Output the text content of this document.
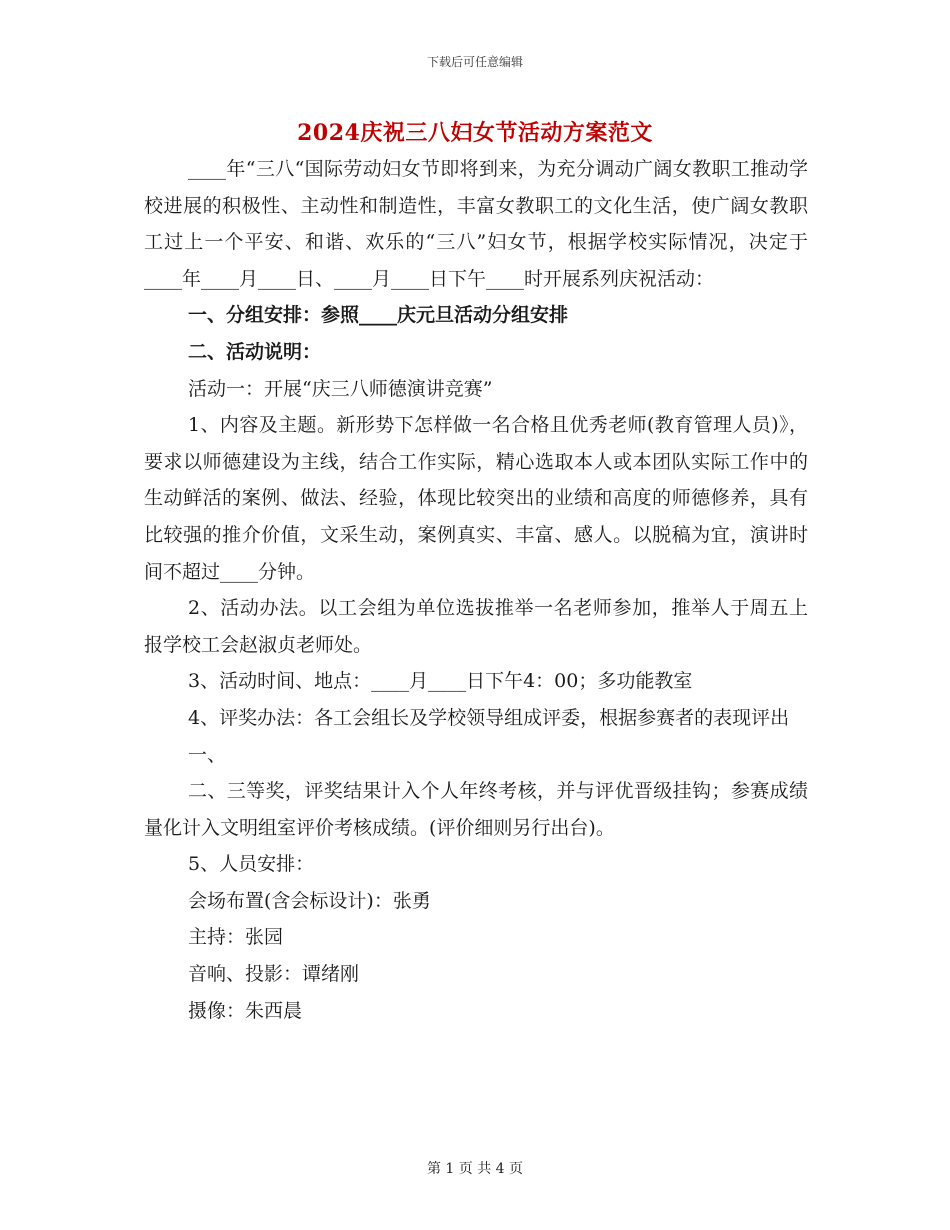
下载后可任意编辑
2024庆祝三八妇女节活动方案范文

____年“三八“国际劳动妇女节即将到来，为充分调动广阔女教职工推动学校进展的积极性、主动性和制造性，丰富女教职工的文化生活，使广阔女教职工过上一个平安、和谐、欢乐的“三八”妇女节，根据学校实际情况，决定于____年____月____日、____月____日下午____时开展系列庆祝活动：

一、分组安排：参照____庆元旦活动分组安排

二、活动说明：

活动一：开展“庆三八师德演讲竞赛”

1、内容及主题。新形势下怎样做一名合格且优秀老师(教育管理人员)》，要求以师德建设为主线，结合工作实际，精心选取本人或本团队实际工作中的生动鲜活的案例、做法、经验，体现比较突出的业绩和高度的师德修养，具有比较强的推介价值，文采生动，案例真实、丰富、感人。以脱稿为宜，演讲时间不超过____分钟。

2、活动办法。以工会组为单位选拔推举一名老师参加，推举人于周五上报学校工会赵淑贞老师处。

3、活动时间、地点：____月____日下午4：00；多功能教室

4、评奖办法：各工会组长及学校领导组成评委，根据参赛者的表现评出

一、

二、三等奖，评奖结果计入个人年终考核，并与评优晋级挂钩；参赛成绩量化计入文明组室评价考核成绩。(评价细则另行出台)。

5、人员安排：

会场布置(含会标设计)：张勇

主持：张园

音响、投影：谭绪刚

摄像：朱西晨

第 1 页 共 4 页
